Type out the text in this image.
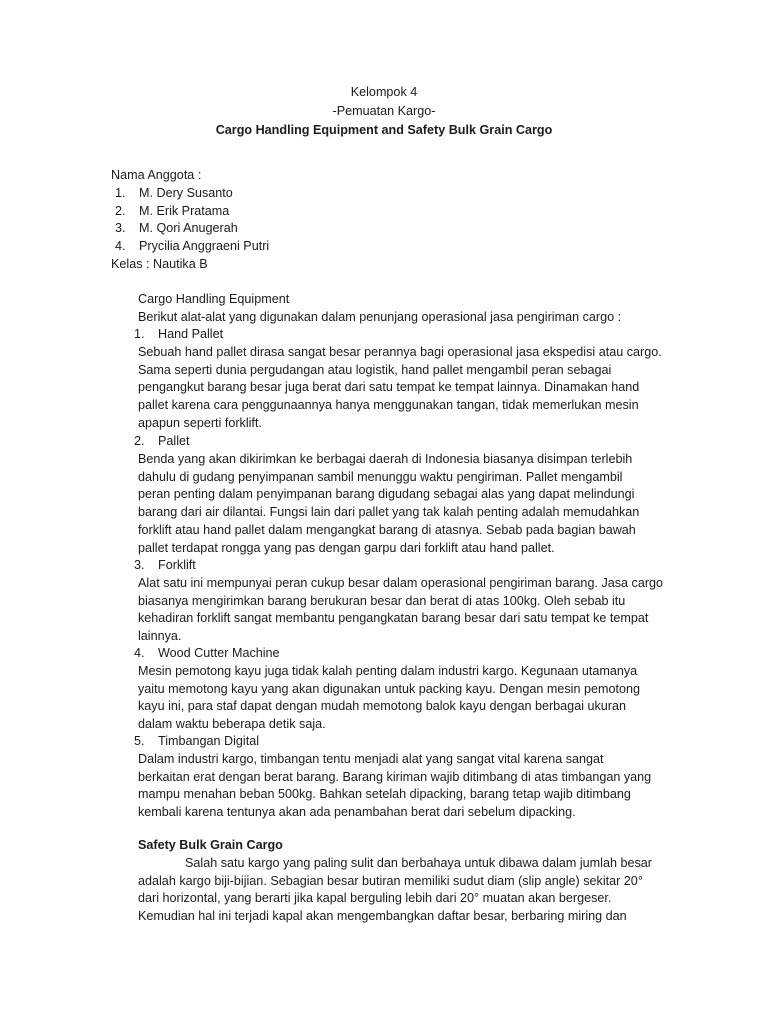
Kelompok 4
-Pemuatan Kargo-
Cargo Handling Equipment and Safety Bulk Grain Cargo
Nama Anggota :
1. M. Dery Susanto
2. M. Erik Pratama
3. M. Qori Anugerah
4. Prycilia Anggraeni Putri
Kelas : Nautika B
Cargo Handling Equipment
Berikut alat-alat yang digunakan dalam penunjang operasional jasa pengiriman cargo :
1. Hand Pallet
Sebuah hand pallet dirasa sangat besar perannya bagi operasional jasa ekspedisi atau cargo.
Sama seperti dunia pergudangan atau logistik, hand pallet mengambil peran sebagai
pengangkut barang besar juga berat dari satu tempat ke tempat lainnya. Dinamakan hand
pallet karena cara penggunaannya hanya menggunakan tangan, tidak memerlukan mesin
apapun seperti forklift.
2. Pallet
Benda yang akan dikirimkan ke berbagai daerah di Indonesia biasanya disimpan terlebih
dahulu di gudang penyimpanan sambil menunggu waktu pengiriman. Pallet mengambil
peran penting dalam penyimpanan barang digudang sebagai alas yang dapat melindungi
barang dari air dilantai. Fungsi lain dari pallet yang tak kalah penting adalah memudahkan
forklift atau hand pallet dalam mengangkat barang di atasnya. Sebab pada bagian bawah
pallet terdapat rongga yang pas dengan garpu dari forklift atau hand pallet.
3. Forklift
Alat satu ini mempunyai peran cukup besar dalam operasional pengiriman barang. Jasa cargo
biasanya mengirimkan barang berukuran besar dan berat di atas 100kg. Oleh sebab itu
kehadiran forklift sangat membantu pengangkatan barang besar dari satu tempat ke tempat
lainnya.
4. Wood Cutter Machine
Mesin pemotong kayu juga tidak kalah penting dalam industri kargo. Kegunaan utamanya
yaitu memotong kayu yang akan digunakan untuk packing kayu. Dengan mesin pemotong
kayu ini, para staf dapat dengan mudah memotong balok kayu dengan berbagai ukuran
dalam waktu beberapa detik saja.
5. Timbangan Digital
Dalam industri kargo, timbangan tentu menjadi alat yang sangat vital karena sangat
berkaitan erat dengan berat barang. Barang kiriman wajib ditimbang di atas timbangan yang
mampu menahan beban 500kg. Bahkan setelah dipacking, barang tetap wajib ditimbang
kembali karena tentunya akan ada penambahan berat dari sebelum dipacking.
Safety Bulk Grain Cargo
Salah satu kargo yang paling sulit dan berbahaya untuk dibawa dalam jumlah besar
adalah kargo biji-bijian. Sebagian besar butiran memiliki sudut diam (slip angle) sekitar 20°
dari horizontal, yang berarti jika kapal berguling lebih dari 20° muatan akan bergeser.
Kemudian hal ini terjadi kapal akan mengembangkan daftar besar, berbaring miring dan
